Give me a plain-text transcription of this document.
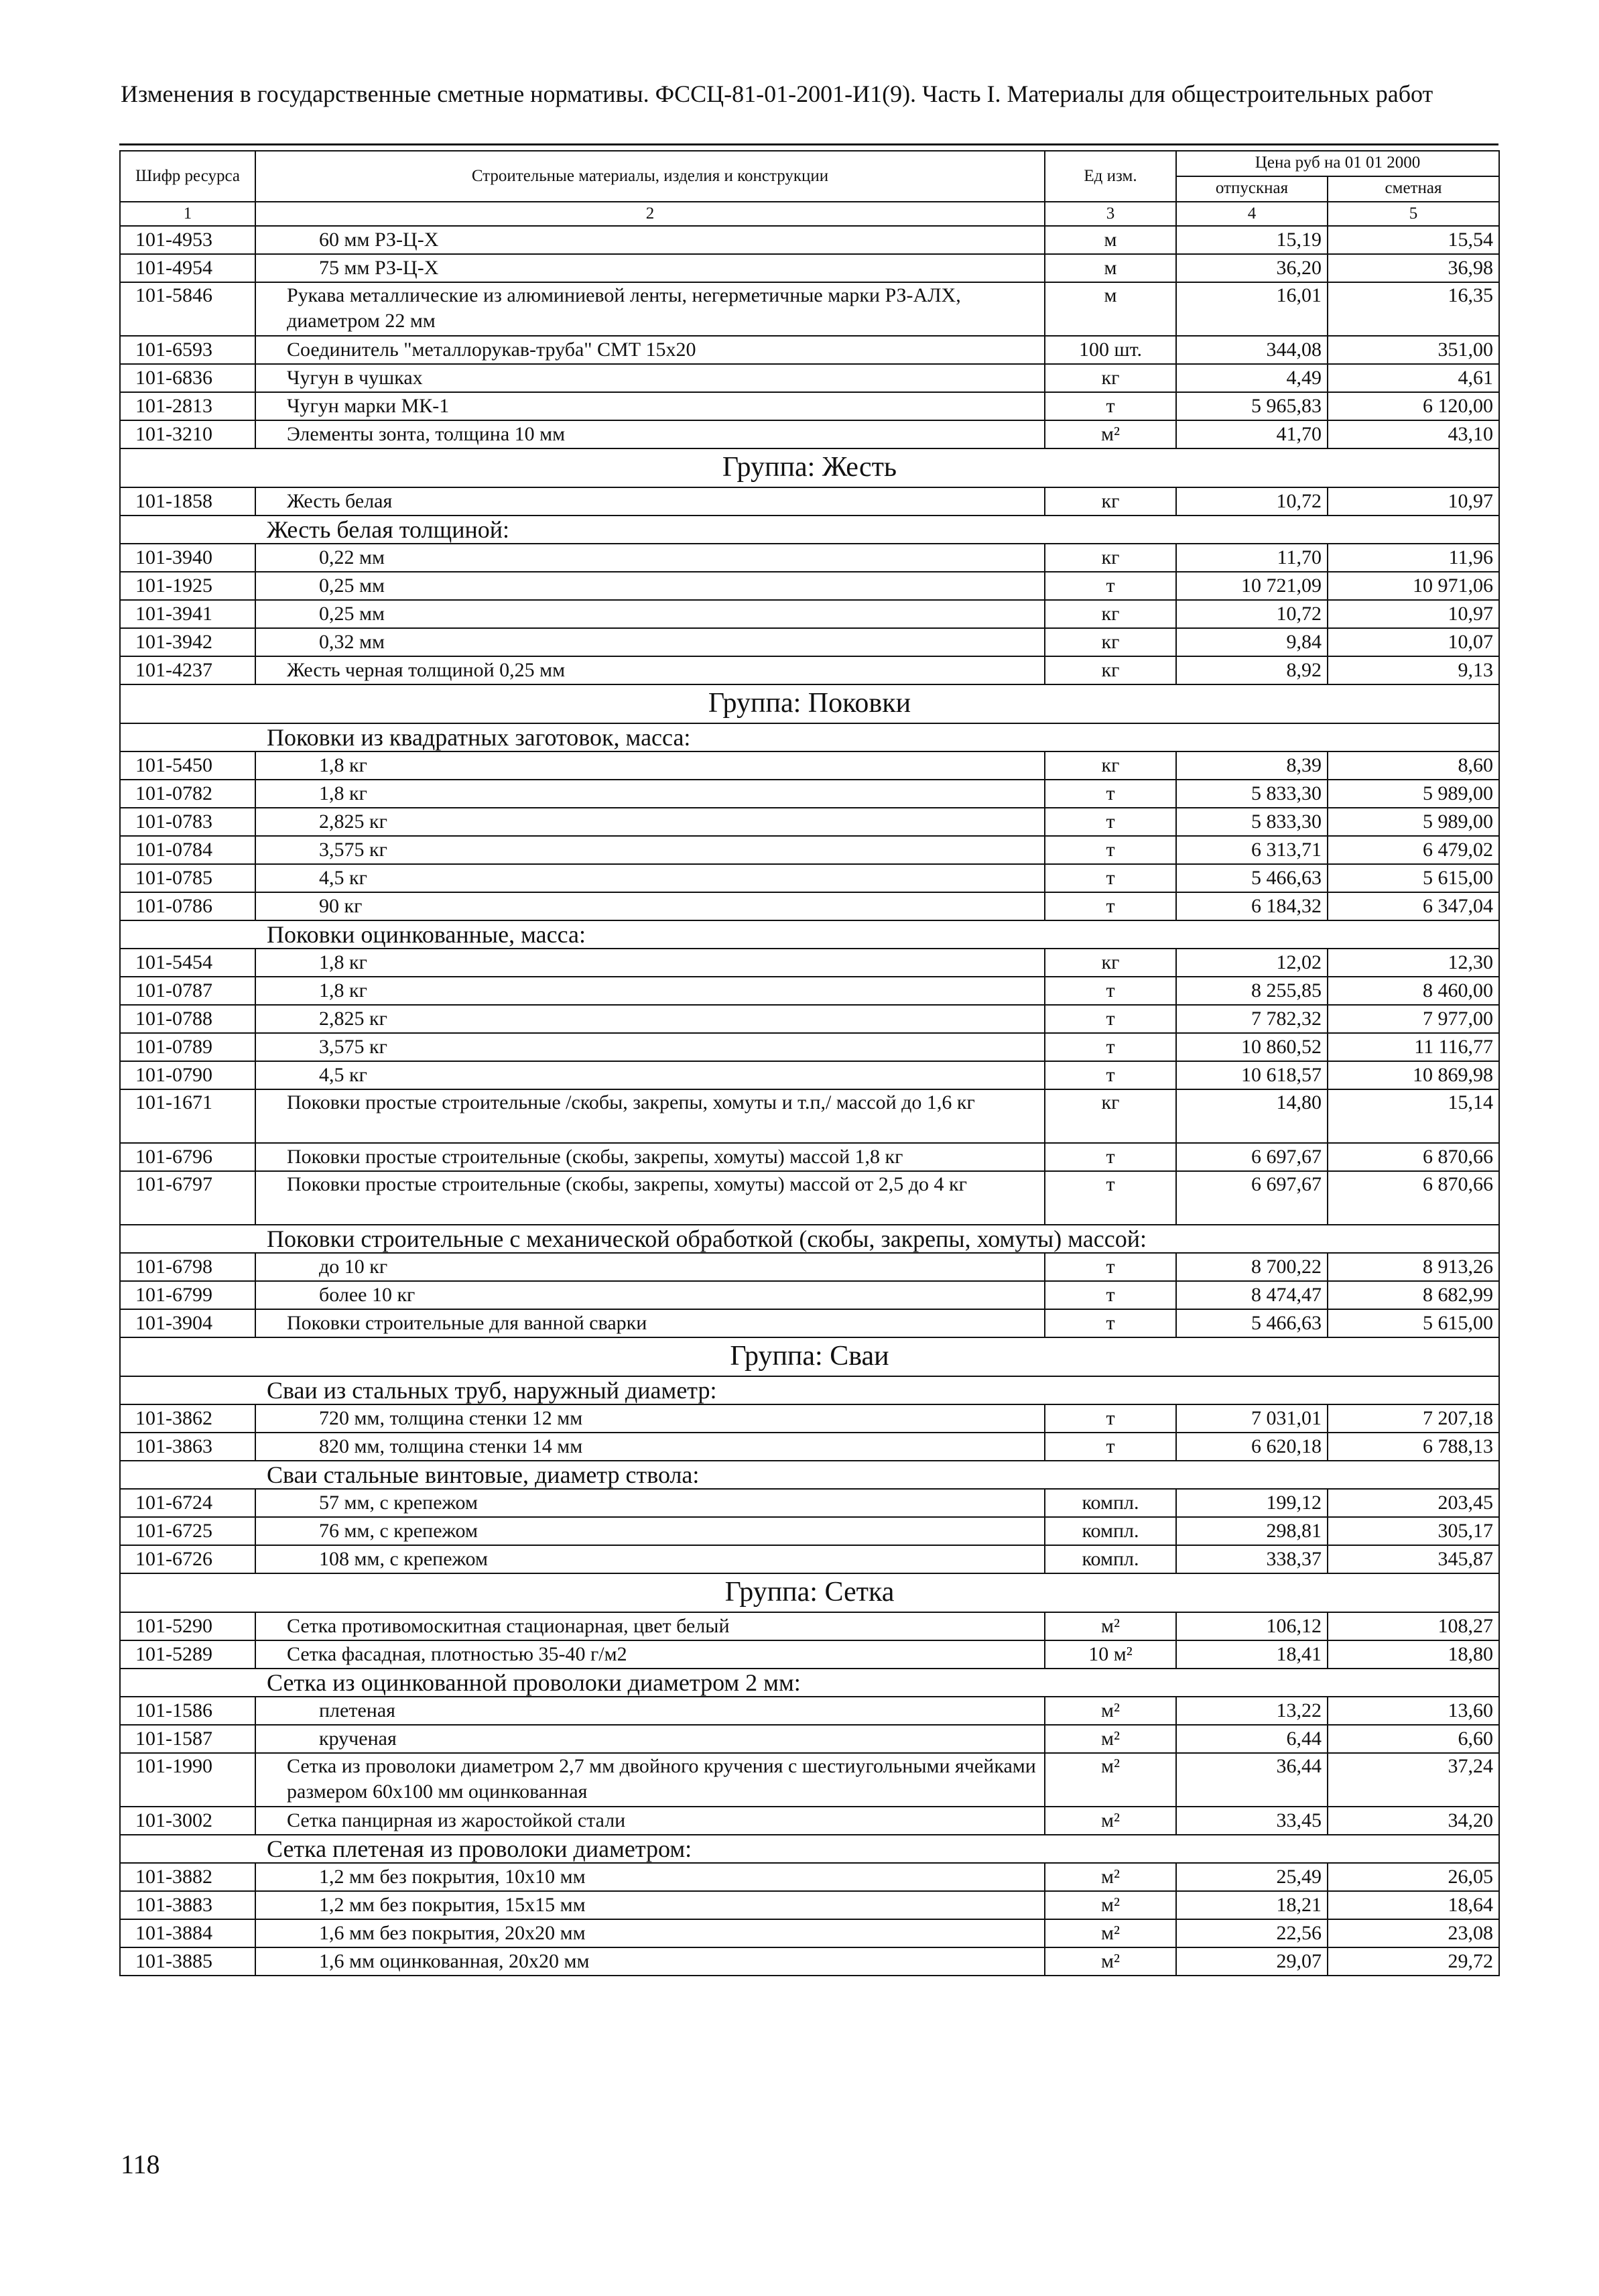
Изменения в государственные сметные нормативы. ФССЦ-81-01-2001-И1(9). Часть I. Материалы для общестроительных работ
Шифр ресурса	Строительные материалы, изделия и конструкции	Ед изм.	Цена руб на 01 01 2000	
			отпускная	сметная
1	2	3	4	5
101-4953	60 мм РЗ-Ц-Х	м	15,19	15,54
101-4954	75 мм РЗ-Ц-Х	м	36,20	36,98
101-5846	Рукава металлические из алюминиевой ленты, негерметичные марки РЗ-АЛХ, диаметром 22 мм	м	16,01	16,35
101-6593	Соединитель "металлорукав-труба" СМТ 15х20	100 шт.	344,08	351,00
101-6836	Чугун в чушках	кг	4,49	4,61
101-2813	Чугун марки МК-1	т	5 965,83	6 120,00
101-3210	Элементы зонта, толщина 10 мм	м²	41,70	43,10
Группа: Жесть				
101-1858	Жесть белая	кг	10,72	10,97
Жесть белая толщиной:				
101-3940	0,22 мм	кг	11,70	11,96
101-1925	0,25 мм	т	10 721,09	10 971,06
101-3941	0,25 мм	кг	10,72	10,97
101-3942	0,32 мм	кг	9,84	10,07
101-4237	Жесть черная толщиной 0,25 мм	кг	8,92	9,13
Группа: Поковки				
Поковки из квадратных заготовок, масса:				
101-5450	1,8 кг	кг	8,39	8,60
101-0782	1,8 кг	т	5 833,30	5 989,00
101-0783	2,825 кг	т	5 833,30	5 989,00
101-0784	3,575 кг	т	6 313,71	6 479,02
101-0785	4,5 кг	т	5 466,63	5 615,00
101-0786	90 кг	т	6 184,32	6 347,04
Поковки оцинкованные, масса:				
101-5454	1,8 кг	кг	12,02	12,30
101-0787	1,8 кг	т	8 255,85	8 460,00
101-0788	2,825 кг	т	7 782,32	7 977,00
101-0789	3,575 кг	т	10 860,52	11 116,77
101-0790	4,5 кг	т	10 618,57	10 869,98
101-1671	Поковки простые строительные /скобы, закрепы, хомуты и т.п,/ массой до 1,6 кг	кг	14,80	15,14
101-6796	Поковки простые строительные (скобы, закрепы, хомуты) массой 1,8 кг	т	6 697,67	6 870,66
101-6797	Поковки простые строительные (скобы, закрепы, хомуты) массой от 2,5 до 4 кг	т	6 697,67	6 870,66
Поковки строительные с механической обработкой (скобы, закрепы, хомуты) массой:				
101-6798	до 10 кг	т	8 700,22	8 913,26
101-6799	более 10 кг	т	8 474,47	8 682,99
101-3904	Поковки строительные для ванной сварки	т	5 466,63	5 615,00
Группа: Сваи				
Сваи из стальных труб, наружный диаметр:				
101-3862	720 мм, толщина стенки 12 мм	т	7 031,01	7 207,18
101-3863	820 мм, толщина стенки 14 мм	т	6 620,18	6 788,13
Сваи стальные винтовые, диаметр ствола:				
101-6724	57 мм, с крепежом	компл.	199,12	203,45
101-6725	76 мм, с крепежом	компл.	298,81	305,17
101-6726	108 мм, с крепежом	компл.	338,37	345,87
Группа: Сетка				
101-5290	Сетка противомоскитная стационарная, цвет белый	м²	106,12	108,27
101-5289	Сетка фасадная, плотностью 35-40 г/м2	10 м²	18,41	18,80
Сетка из оцинкованной проволоки диаметром 2 мм:				
101-1586	плетеная	м²	13,22	13,60
101-1587	крученая	м²	6,44	6,60
101-1990	Сетка из проволоки диаметром 2,7 мм двойного кручения с шестиугольными ячейками размером 60х100 мм оцинкованная	м²	36,44	37,24
101-3002	Сетка панцирная из жаростойкой стали	м²	33,45	34,20
Сетка плетеная из проволоки диаметром:				
101-3882	1,2 мм без покрытия, 10х10 мм	м²	25,49	26,05
101-3883	1,2 мм без покрытия, 15х15 мм	м²	18,21	18,64
101-3884	1,6 мм без покрытия, 20х20 мм	м²	22,56	23,08
101-3885	1,6 мм оцинкованная, 20х20 мм	м²	29,07	29,72
118
